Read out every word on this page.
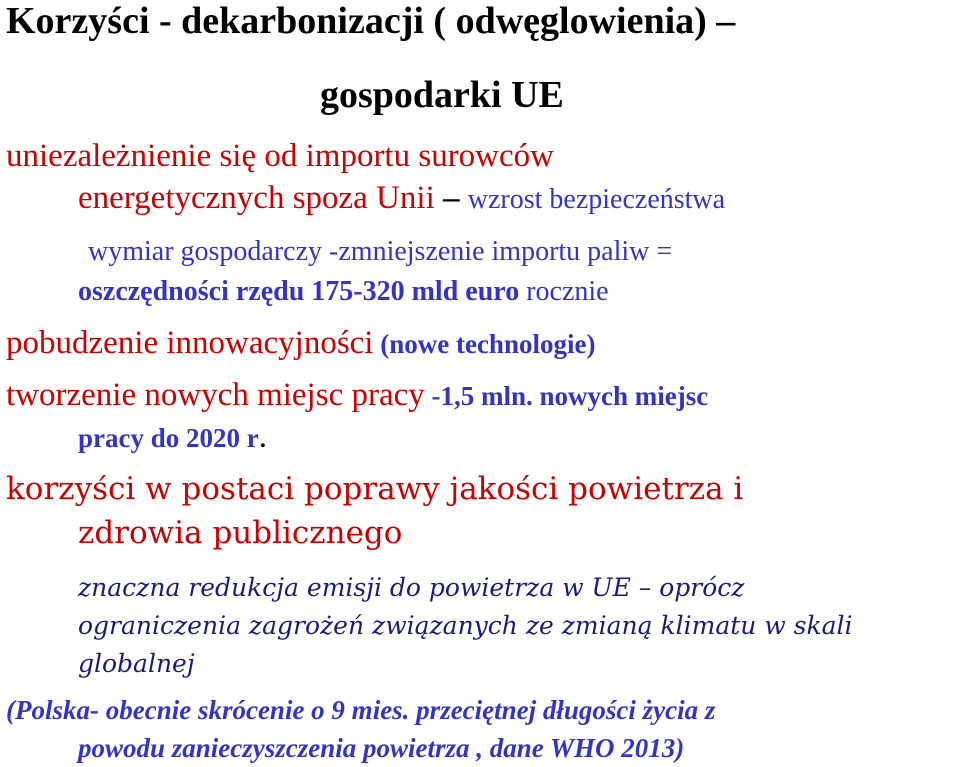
Korzyści - dekarbonizacji ( odwęglowienia) –
gospodarki UE
uniezależnienie się od importu surowców
energetycznych spoza Unii – wzrost bezpieczeństwa
wymiar gospodarczy -zmniejszenie importu paliw =
oszczędności rzędu 175-320 mld euro rocznie
pobudzenie innowacyjności (nowe technologie)
tworzenie nowych miejsc pracy -1,5 mln. nowych miejsc
pracy do 2020 r.
korzyści w postaci poprawy jakości powietrza i
zdrowia publicznego
znaczna redukcja emisji do powietrza w UE – oprócz
ograniczenia zagrożeń związanych ze zmianą klimatu w skali
globalnej
(Polska- obecnie skrócenie o 9 mies. przeciętnej długości życia z
powodu zanieczyszczenia powietrza , dane WHO 2013)
